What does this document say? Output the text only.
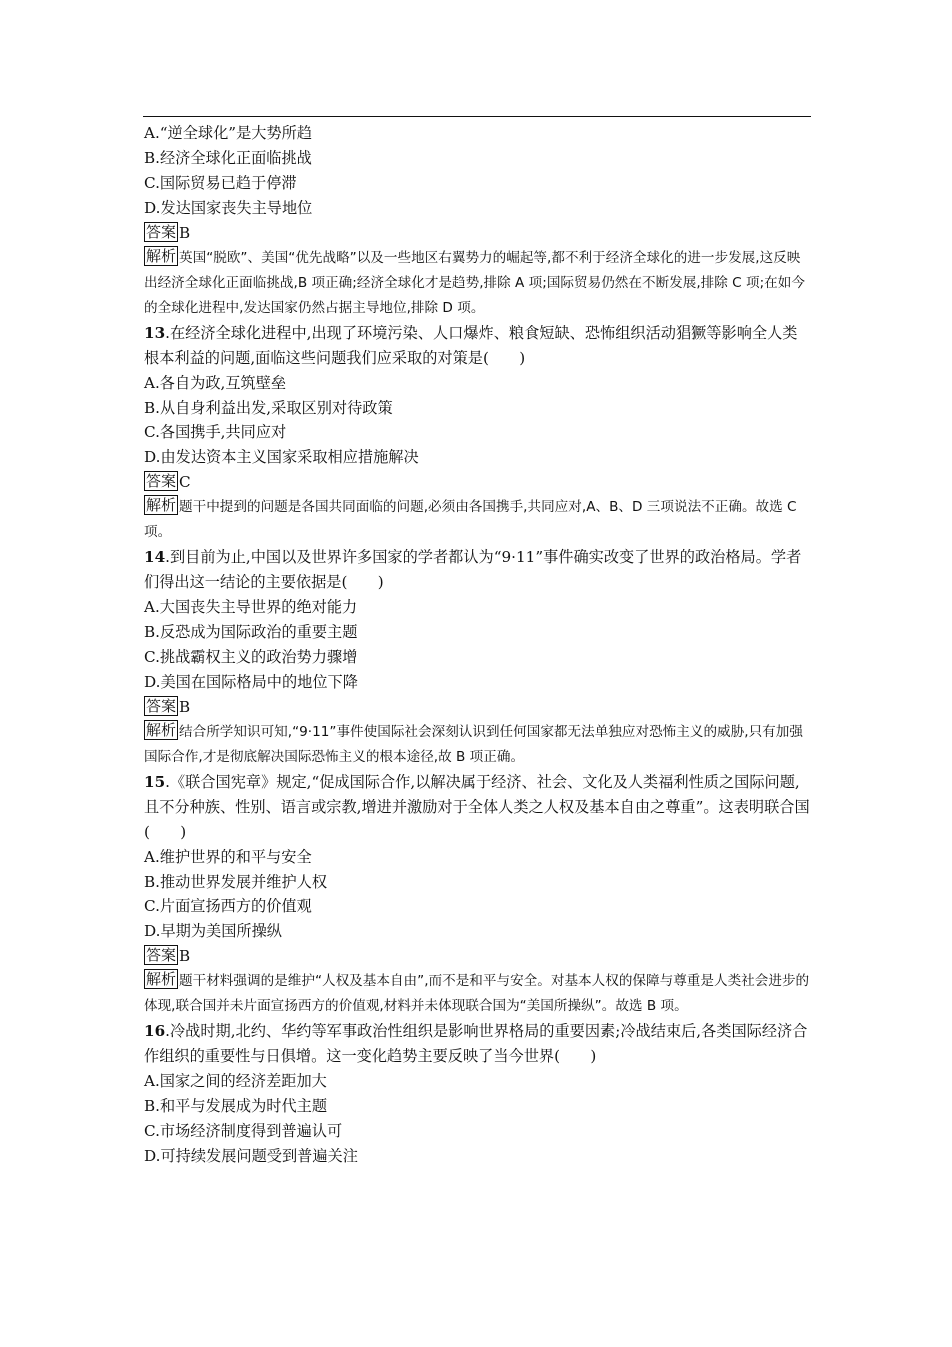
A.“逆全球化”是大势所趋
B.经济全球化正面临挑战
C.国际贸易已趋于停滞
D.发达国家丧失主导地位
答案 B
解析 英国“脱欧”、美国“优先战略”以及一些地区右翼势力的崛起等,都不利于经济全球化的进一步发展,这反映出经济全球化正面临挑战,B 项正确;经济全球化才是趋势,排除 A 项;国际贸易仍然在不断发展,排除 C 项;在如今的全球化进程中,发达国家仍然占据主导地位,排除 D 项。
13.在经济全球化进程中,出现了环境污染、人口爆炸、粮食短缺、恐怖组织活动猖獗等影响全人类根本利益的问题,面临这些问题我们应采取的对策是(　　)
A.各自为政,互筑壁垒
B.从自身利益出发,采取区别对待政策
C.各国携手,共同应对
D.由发达资本主义国家采取相应措施解决
答案 C
解析 题干中提到的问题是各国共同面临的问题,必须由各国携手,共同应对,A、B、D 三项说法不正确。故选 C 项。
14.到目前为止,中国以及世界许多国家的学者都认为“9·11”事件确实改变了世界的政治格局。学者们得出这一结论的主要依据是(　　)
A.大国丧失主导世界的绝对能力
B.反恐成为国际政治的重要主题
C.挑战霸权主义的政治势力骤增
D.美国在国际格局中的地位下降
答案 B
解析 结合所学知识可知,“9·11”事件使国际社会深刻认识到任何国家都无法单独应对恐怖主义的威胁,只有加强国际合作,才是彻底解决国际恐怖主义的根本途径,故 B 项正确。
15.《联合国宪章》规定,“促成国际合作,以解决属于经济、社会、文化及人类福利性质之国际问题,且不分种族、性别、语言或宗教,增进并激励对于全体人类之人权及基本自由之尊重”。这表明联合国(　　)
A.维护世界的和平与安全
B.推动世界发展并维护人权
C.片面宣扬西方的价值观
D.早期为美国所操纵
答案 B
解析 题干材料强调的是维护“人权及基本自由”,而不是和平与安全。对基本人权的保障与尊重是人类社会进步的体现,联合国并未片面宣扬西方的价值观,材料并未体现联合国为“美国所操纵”。故选 B 项。
16.冷战时期,北约、华约等军事政治性组织是影响世界格局的重要因素;冷战结束后,各类国际经济合作组织的重要性与日俱增。这一变化趋势主要反映了当今世界(　　)
A.国家之间的经济差距加大
B.和平与发展成为时代主题
C.市场经济制度得到普遍认可
D.可持续发展问题受到普遍关注
